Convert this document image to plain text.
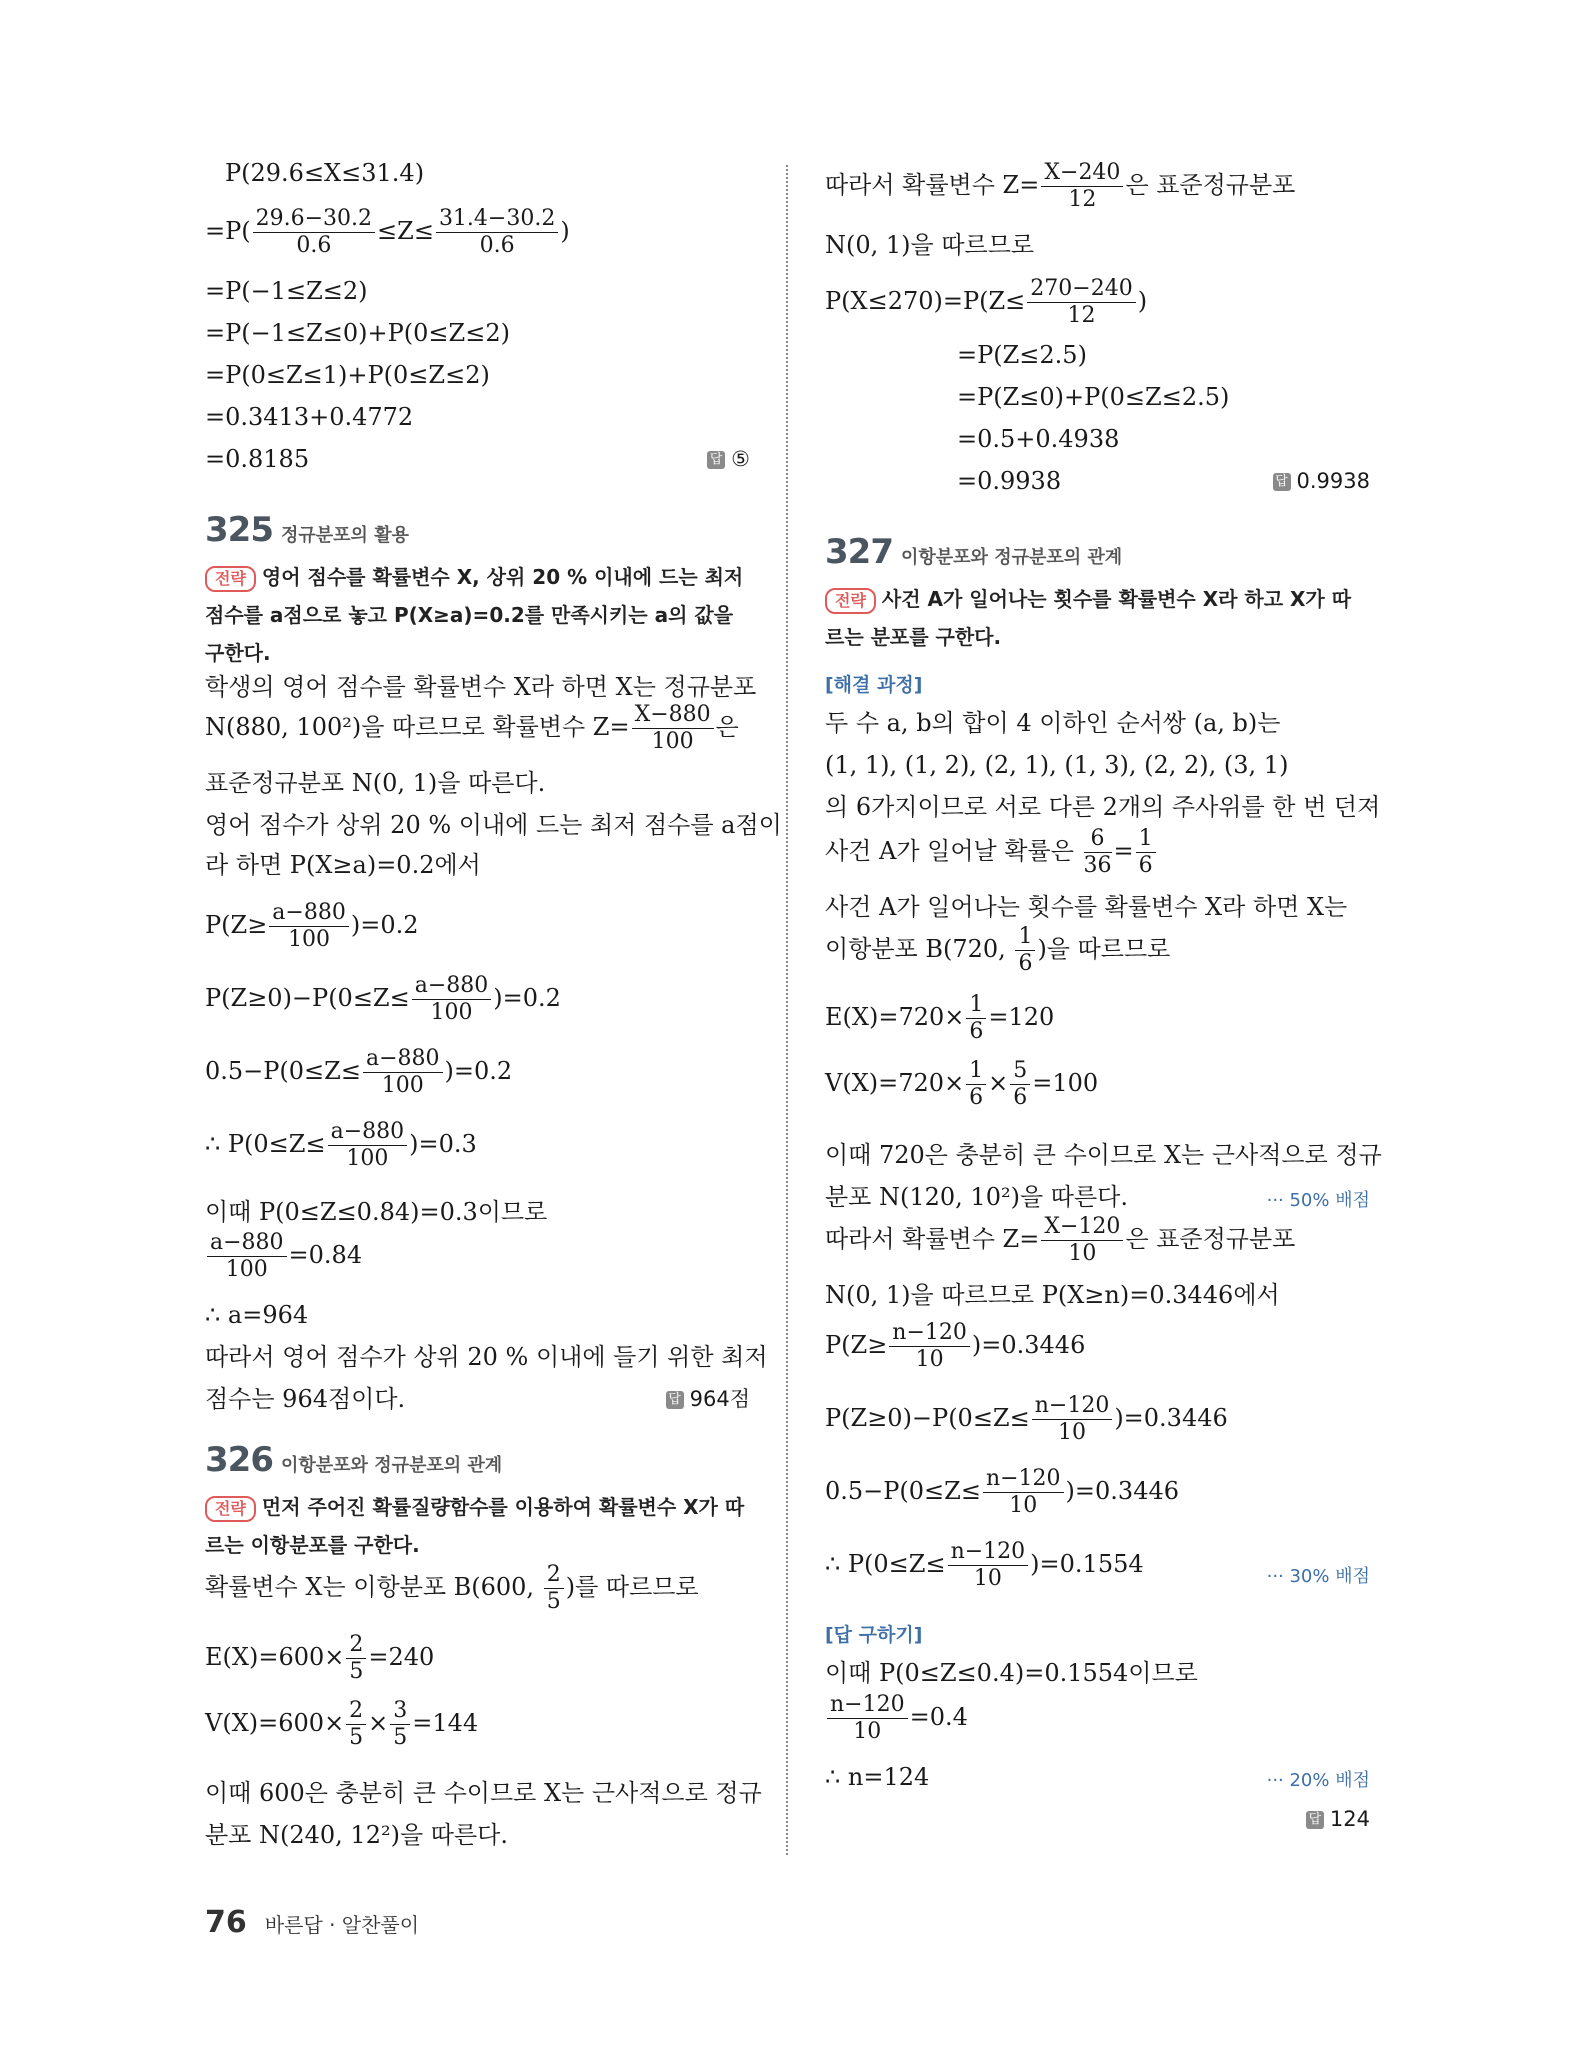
P(29.6≤X≤31.4)
$=P( \frac{29.6-30.2}{0.6} \le Z\le \frac{31.4-30.2}{0.6}$ )
=P(−1≤Z≤2)
=P(−1≤Z≤0)+P(0≤Z≤2)
=P(0≤Z≤1)+P(0≤Z≤2)
=0.3413+0.4772
=0.8185	답 ⑤
325 정규분포의 활용
전략 영어 점수를 확률변수 X, 상위 20 % 이내에 드는 최저 점수를 a점으로 놓고 P(X≥a)=0.2를 만족시키는 a의 값을 구한다.
학생의 영어 점수를 확률변수 X라 하면 X는 정규분포
N(880, 100²)을 따르므로 확률변수 $Z= \frac{X-880}{100}$ 은
표준정규분포 N(0, 1)을 따른다.
영어 점수가 상위 20 % 이내에 드는 최저 점수를 a점이
라 하면 P(X≥a)=0.2에서
$P(Z\ge \frac{a-880}{100} )=0.2$
$P(Z\ge 0)-P(0\le Z\le \frac{a-880}{100} )=0.2$
$0.5-P(0\le Z\le \frac{a-880}{100} )=0.2$
∴ $P(0\le Z\le \frac{a-880}{100} )=0.3$
이때 P(0≤Z≤0.84)=0.3이므로
$\frac{a-880}{100} =0.84$
∴ a=964
따라서 영어 점수가 상위 20 % 이내에 들기 위한 최저
점수는 964점이다.	답 964점
326 이항분포와 정규분포의 관계
전략 먼저 주어진 확률질량함수를 이용하여 확률변수 X가 따르는 이항분포를 구한다.
확률변수 X는 이항분포 B(600, $\frac{2}{5}$ )를 따르므로
$E(X)=600\times \frac{2}{5} =240$
$V(X)=600\times \frac{2}{5} \times \frac{3}{5} =144$
이때 600은 충분히 큰 수이므로 X는 근사적으로 정규
분포 N(240, 12²)을 따른다.
따라서 확률변수 $Z= \frac{X-240}{12}$ 은 표준정규분포
N(0, 1)을 따르므로
$P(X\le 270)=P(Z\le \frac{270-240}{12}$ )
=P(Z≤2.5)
=P(Z≤0)+P(0≤Z≤2.5)
=0.5+0.4938
=0.9938	답 0.9938
327 이항분포와 정규분포의 관계
전략 사건 A가 일어나는 횟수를 확률변수 X라 하고 X가 따르는 분포를 구한다.
[해결 과정]
두 수 a, b의 합이 4 이하인 순서쌍 (a, b)는
(1, 1), (1, 2), (2, 1), (1, 3), (2, 2), (3, 1)
의 6가지이므로 서로 다른 2개의 주사위를 한 번 던져
사건 A가 일어날 확률은 $\frac{6}{36} = \frac{1}{6}$
사건 A가 일어나는 횟수를 확률변수 X라 하면 X는
이항분포 B(720, $\frac{1}{6}$ )을 따르므로
$E(X)=720\times \frac{1}{6} =120$
$V(X)=720\times \frac{1}{6} \times \frac{5}{6} =100$
이때 720은 충분히 큰 수이므로 X는 근사적으로 정규
분포 N(120, 10²)을 따른다.	··· 50% 배점
따라서 확률변수 $Z= \frac{X-120}{10}$ 은 표준정규분포
N(0, 1)을 따르므로 P(X≥n)=0.3446에서
$P(Z\ge \frac{n-120}{10} )=0.3446$
$P(Z\ge 0)-P(0\le Z\le \frac{n-120}{10} )=0.3446$
$0.5-P(0\le Z\le \frac{n-120}{10} )=0.3446$
∴ $P(0\le Z\le \frac{n-120}{10} )=0.1554$	··· 30% 배점
[답 구하기]
이때 P(0≤Z≤0.4)=0.1554이므로
$\frac{n-120}{10} =0.4$
∴ n=124	··· 20% 배점
답 124
76 바른답 · 알찬풀이
